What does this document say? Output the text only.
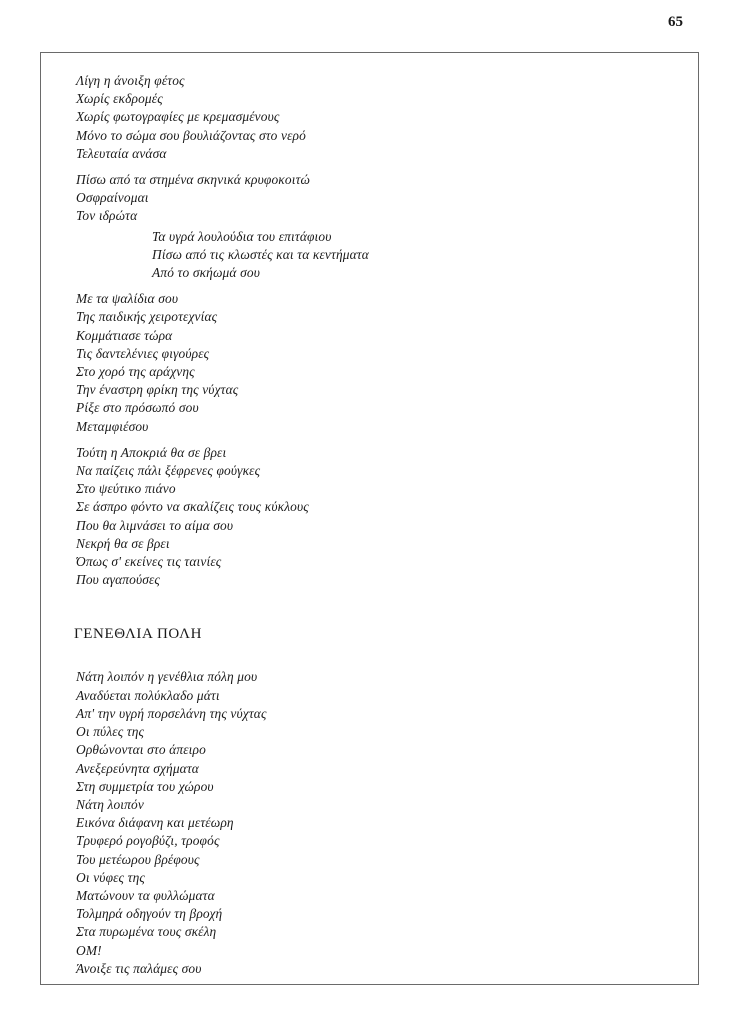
65
Λίγη η άνοιξη φέτος
Χωρίς εκδρομές
Χωρίς φωτογραφίες με κρεμασμένους
Μόνο το σώμα σου βουλιάζοντας στο νερό
Τελευταία ανάσα
Πίσω από τα στημένα σκηνικά κρυφοκοιτώ
Οσφραίνομαι
Τον ιδρώτα
Τα υγρά λουλούδια του επιτάφιου
Πίσω από τις κλωστές και τα κεντήματα
Από το σκήωμά σου
Με τα ψαλίδια σου
Της παιδικής χειροτεχνίας
Κομμάτιασε τώρα
Τις δαντελένιες φιγούρες
Στο χορό της αράχνης
Την έναστρη φρίκη της νύχτας
Ρίξε στο πρόσωπό σου
Μεταμφιέσου
Τούτη η Αποκριά θα σε βρει
Να παίζεις πάλι ξέφρενες φούγκες
Στο ψεύτικο πιάνο
Σε άσπρο φόντο να σκαλίζεις τους κύκλους
Που θα λιμνάσει το αίμα σου
Νεκρή θα σε βρει
Όπως σ' εκείνες τις ταινίες
Που αγαπούσες
ΓΕΝΕΘΛΙΑ ΠΟΛΗ
Νάτη λοιπόν η γενέθλια πόλη μου
Αναδύεται πολύκλαδο μάτι
Απ' την υγρή πορσελάνη της νύχτας
Οι πύλες της
Ορθώνονται στο άπειρο
Ανεξερεύνητα σχήματα
Στη συμμετρία του χώρου
Νάτη λοιπόν
Εικόνα διάφανη και μετέωρη
Τρυφερό ρογοβύζι, τροφός
Του μετέωρου βρέφους
Οι νύφες της
Ματώνουν τα φυλλώματα
Τολμηρά οδηγούν τη βροχή
Στα πυρωμένα τους σκέλη
ΟΜ!
Άνοιξε τις παλάμες σου
